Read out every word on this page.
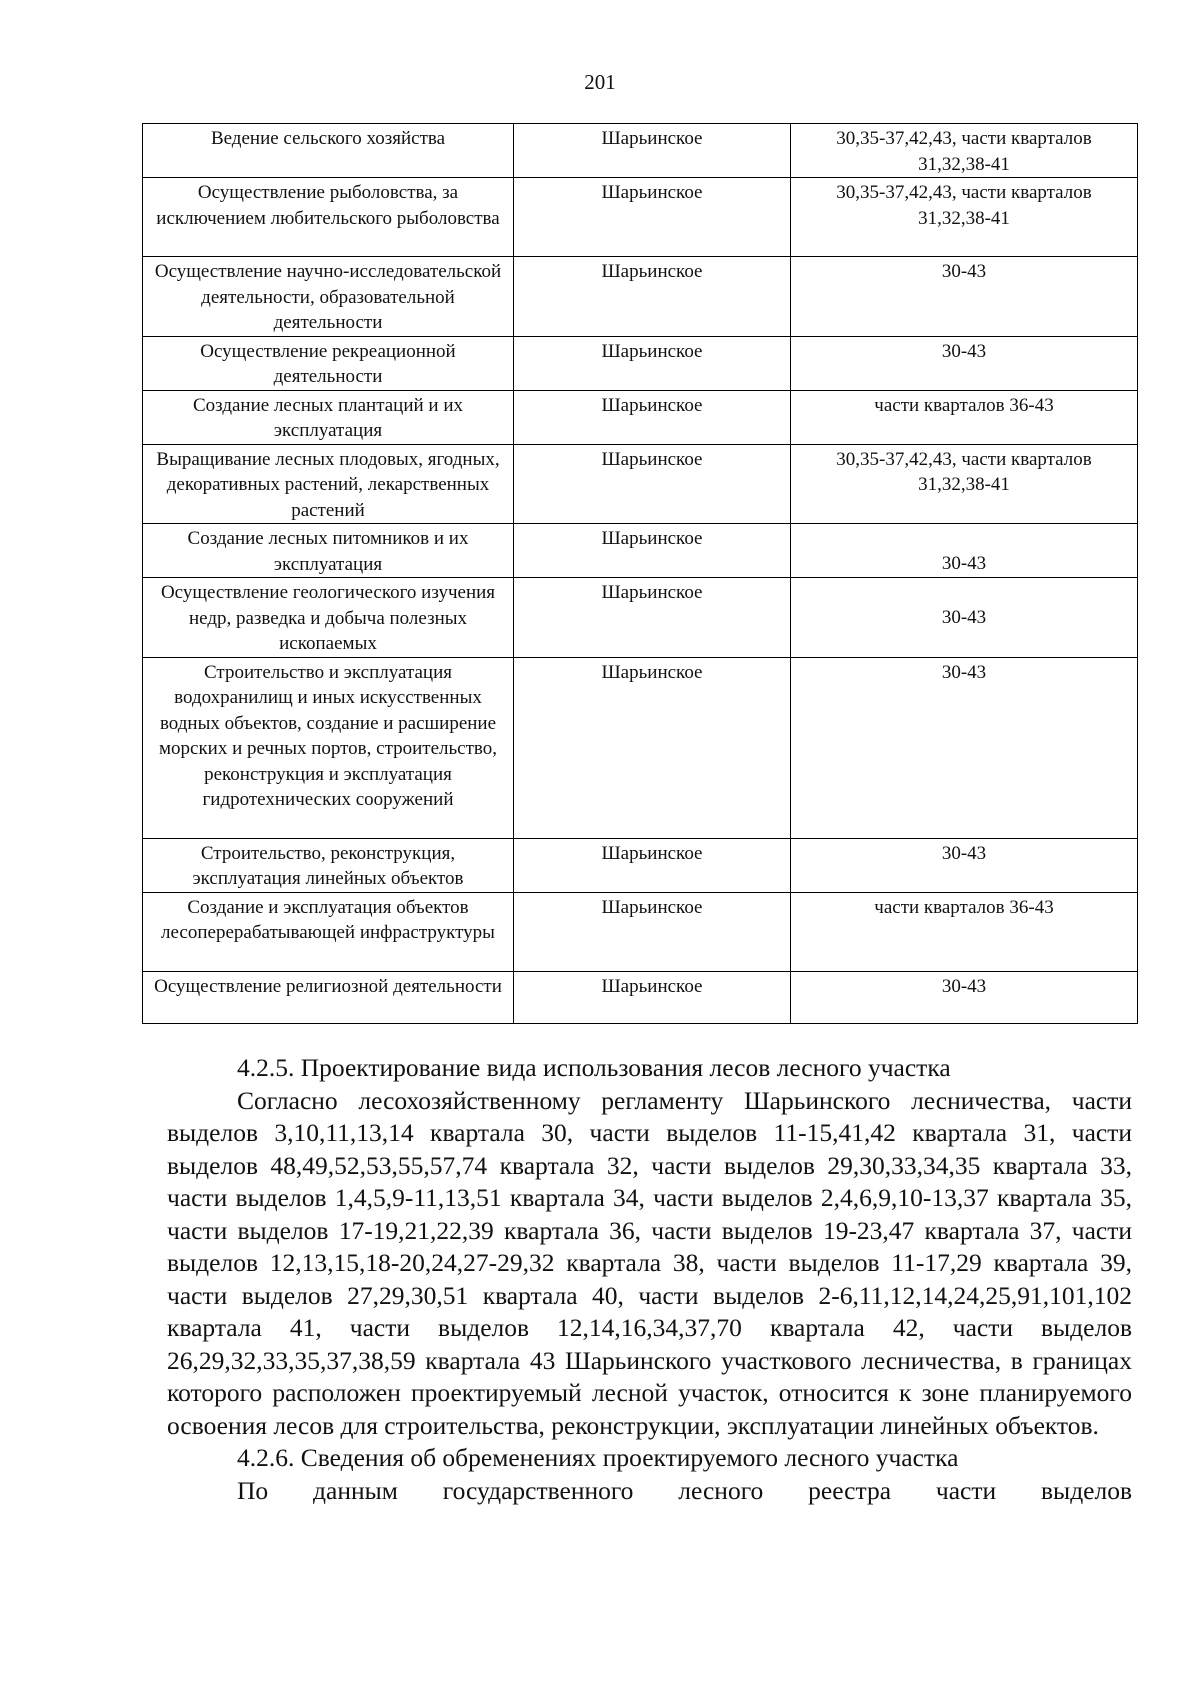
201
Ведение сельского хозяйства	Шарьинское	30,35-37,42,43, части кварталов 31,32,38-41
Осуществление рыболовства, за исключением любительского рыболовства	Шарьинское	30,35-37,42,43, части кварталов 31,32,38-41
Осуществление научно-исследовательской деятельности, образовательной деятельности	Шарьинское	30-43
Осуществление рекреационной деятельности	Шарьинское	30-43
Создание лесных плантаций и их эксплуатация	Шарьинское	части кварталов 36-43
Выращивание лесных плодовых, ягодных, декоративных растений, лекарственных растений	Шарьинское	30,35-37,42,43, части кварталов 31,32,38-41
Создание лесных питомников и их эксплуатация	Шарьинское	30-43
Осуществление геологического изучения недр, разведка и добыча полезных ископаемых	Шарьинское	30-43
Строительство и эксплуатация водохранилищ и иных искусственных водных объектов, создание и расширение морских и речных портов, строительство, реконструкция и эксплуатация гидротехнических сооружений	Шарьинское	30-43
Строительство, реконструкция, эксплуатация линейных объектов	Шарьинское	30-43
Создание и эксплуатация объектов лесоперерабатывающей инфраструктуры	Шарьинское	части кварталов 36-43
Осуществление религиозной деятельности	Шарьинское	30-43

4.2.5. Проектирование вида использования лесов лесного участка

Согласно лесохозяйственному регламенту Шарьинского лесничества, части выделов 3,10,11,13,14 квартала 30, части выделов 11-15,41,42 квартала 31, части выделов 48,49,52,53,55,57,74 квартала 32, части выделов 29,30,33,34,35 квартала 33, части выделов 1,4,5,9-11,13,51 квартала 34, части выделов 2,4,6,9,10-13,37 квартала 35, части выделов 17-19,21,22,39 квартала 36, части выделов 19-23,47 квартала 37, части выделов 12,13,15,18-20,24,27-29,32 квартала 38, части выделов 11-17,29 квартала 39, части выделов 27,29,30,51 квартала 40, части выделов 2-6,11,12,14,24,25,91,101,102 квартала 41, части выделов 12,14,16,34,37,70 квартала 42, части выделов 26,29,32,33,35,37,38,59 квартала 43 Шарьинского участкового лесничества, в границах которого расположен проектируемый лесной участок, относится к зоне планируемого освоения лесов для строительства, реконструкции, эксплуатации линейных объектов.

4.2.6. Сведения об обременениях проектируемого лесного участка

По данным государственного лесного реестра части выделов
